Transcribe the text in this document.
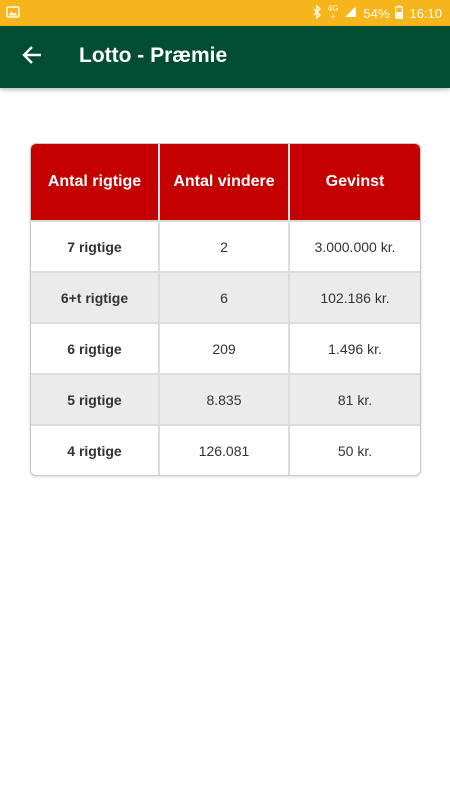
4G
+ 54% 16:10
Lotto - Præmie
Antal rigtige	Antal vindere	Gevinst
7 rigtige	2	3.000.000 kr.
6+t rigtige	6	102.186 kr.
6 rigtige	209	1.496 kr.
5 rigtige	8.835	81 kr.
4 rigtige	126.081	50 kr.
